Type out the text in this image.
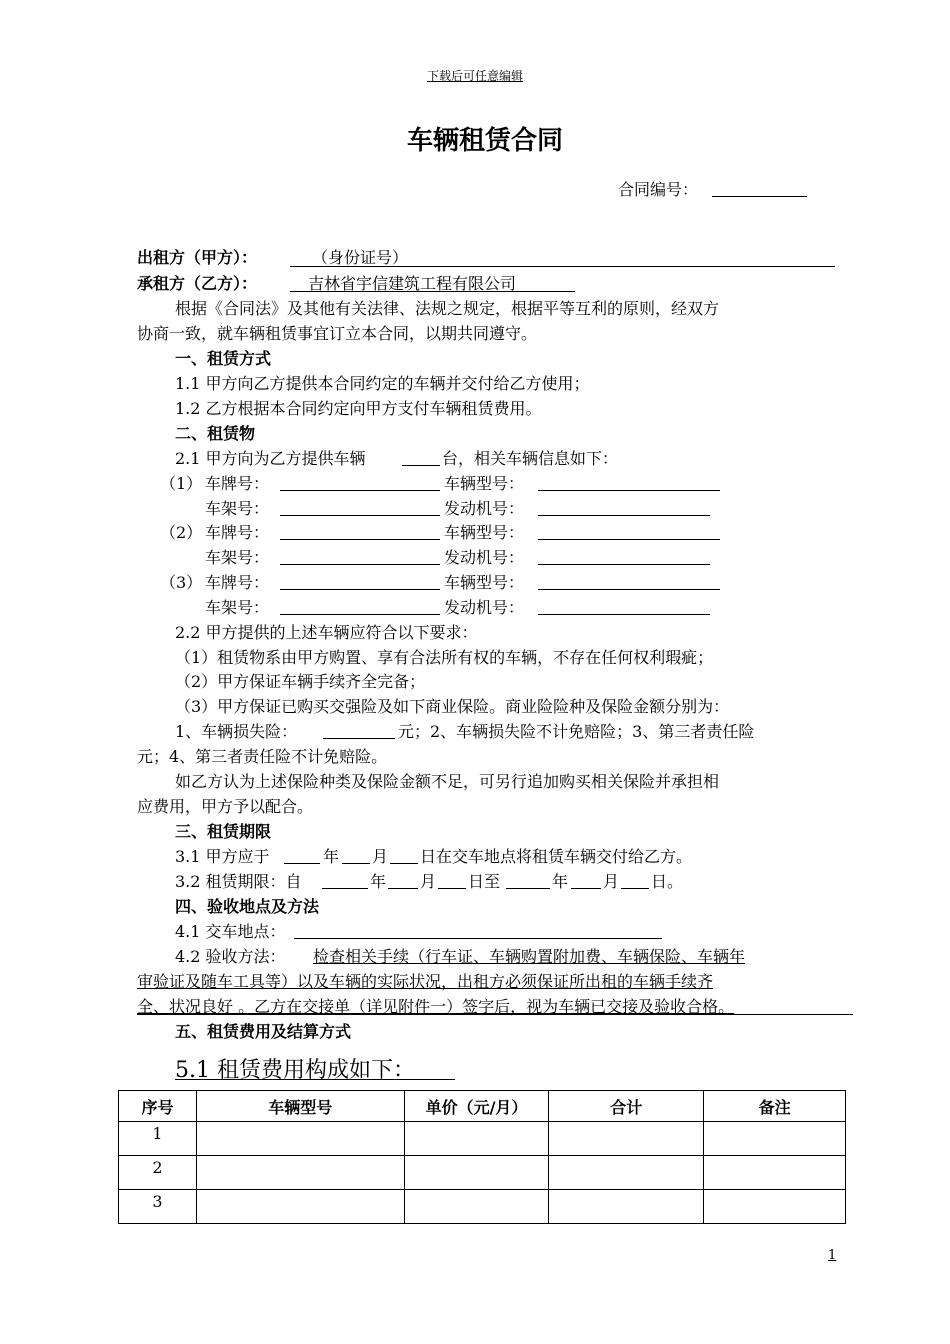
下载后可任意编辑
车辆租赁合同
合同编号：
出租方（甲方）：	（身份证号）
承租方（乙方）：	吉林省宇信建筑工程有限公司
根据《合同法》及其他有关法律、法规之规定，根据平等互利的原则，经双方
协商一致，就车辆租赁事宜订立本合同，以期共同遵守。
一、租赁方式
1.1 甲方向乙方提供本合同约定的车辆并交付给乙方使用；
1.2 乙方根据本合同约定向甲方支付车辆租赁费用。
二、租赁物
2.1 甲方向为乙方提供车辆	台，相关车辆信息如下：
（1） 车牌号：	车辆型号：
车架号：	发动机号：
（2） 车牌号：	车辆型号：
车架号：	发动机号：
（3） 车牌号：	车辆型号：
车架号：	发动机号：
2.2 甲方提供的上述车辆应符合以下要求：
（1）租赁物系由甲方购置、享有合法所有权的车辆，不存在任何权利瑕疵；
（2）甲方保证车辆手续齐全完备；
（3）甲方保证已购买交强险及如下商业保险。商业险险种及保险金额分别为：
1、车辆损失险：	元；2、车辆损失险不计免赔险；3、第三者责任险
元；4、第三者责任险不计免赔险。
如乙方认为上述保险种类及保险金额不足，可另行追加购买相关保险并承担相
应费用，甲方予以配合。
三、租赁期限
3.1 甲方应于	年 月 日在交车地点将租赁车辆交付给乙方。
3.2 租赁期限：自	年 月 日至	年 月 日。
四、验收地点及方法
4.1 交车地点：
4.2 验收方法： 检查相关手续（行车证、车辆购置附加费、车辆保险、车辆年
审验证及随车工具等）以及车辆的实际状况，出租方必须保证所出租的车辆手续齐
全、状况良好 。乙方在交接单（详见附件一）签字后，视为车辆已交接及验收合格。
五、租赁费用及结算方式
5.1 租赁费用构成如下：
序号	车辆型号	单价（元/月）	合计	备注
1				
2				
3				
1
